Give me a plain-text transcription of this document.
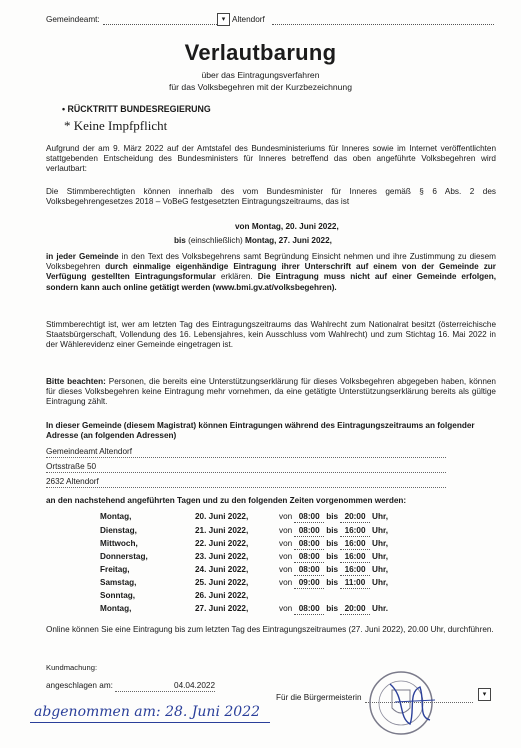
Gemeindeamt:	▾ Altendorf
Verlautbarung
über das Eintragungsverfahren
für das Volksbegehren mit der Kurzbezeichnung
• RÜCKTRITT BUNDESREGIERUNG
* Keine Impfpflicht
Aufgrund der am 9. März 2022 auf der Amtstafel des Bundesministeriums für Inneres sowie im Internet veröffentlichten stattgebenden Entscheidung des Bundesministers für Inneres betreffend das oben angeführte Volksbegehren wird verlautbart:
Die Stimmberechtigten können innerhalb des vom Bundesminister für Inneres gemäß § 6 Abs. 2 des Volksbegehrengesetzes 2018 – VoBeG festgesetzten Eintragungszeitraums, das ist
von Montag, 20. Juni 2022,
bis (einschließlich) Montag, 27. Juni 2022,
in jeder Gemeinde in den Text des Volksbegehrens samt Begründung Einsicht nehmen und ihre Zustimmung zu diesem Volksbegehren durch einmalige eigenhändige Eintragung ihrer Unterschrift auf einem von der Gemeinde zur Verfügung gestellten Eintragungsformular erklären. Die Eintragung muss nicht auf einer Gemeinde erfolgen, sondern kann auch online getätigt werden (www.bmi.gv.at/volksbegehren).
Stimmberechtigt ist, wer am letzten Tag des Eintragungszeitraums das Wahlrecht zum Nationalrat besitzt (österreichische Staatsbürgerschaft, Vollendung des 16. Lebensjahres, kein Ausschluss vom Wahlrecht) und zum Stichtag 16. Mai 2022 in der Wählerevidenz einer Gemeinde eingetragen ist.
Bitte beachten: Personen, die bereits eine Unterstützungserklärung für dieses Volksbegehren abgegeben haben, können für dieses Volksbegehren keine Eintragung mehr vornehmen, da eine getätigte Unterstützungserklärung bereits als gültige Eintragung zählt.
In dieser Gemeinde (diesem Magistrat) können Eintragungen während des Eintragungszeitraums an folgender Adresse (an folgenden Adressen)
Gemeindeamt Altendorf
Ortsstraße 50
2632 Altendorf
an den nachstehend angeführten Tagen und zu den folgenden Zeiten vorgenommen werden:
Montag,	20. Juni 2022,	von 08:00 bis 20:00 Uhr,
Dienstag,	21. Juni 2022,	von 08:00 bis 16:00 Uhr,
Mittwoch,	22. Juni 2022,	von 08:00 bis 16:00 Uhr,
Donnerstag,	23. Juni 2022,	von 08:00 bis 16:00 Uhr,
Freitag,	24. Juni 2022,	von 08:00 bis 16:00 Uhr,
Samstag,	25. Juni 2022,	von 09:00 bis 11:00 Uhr,
Sonntag,	26. Juni 2022,
Montag,	27. Juni 2022,	von 08:00 bis 20:00 Uhr.
Online können Sie eine Eintragung bis zum letzten Tag des Eintragungszeitraumes (27. Juni 2022), 20.00 Uhr, durchführen.
Kundmachung:
angeschlagen am:	04.04.2022
Für die Bürgermeisterin	▾
abgenommen am: 28. Juni 2022
